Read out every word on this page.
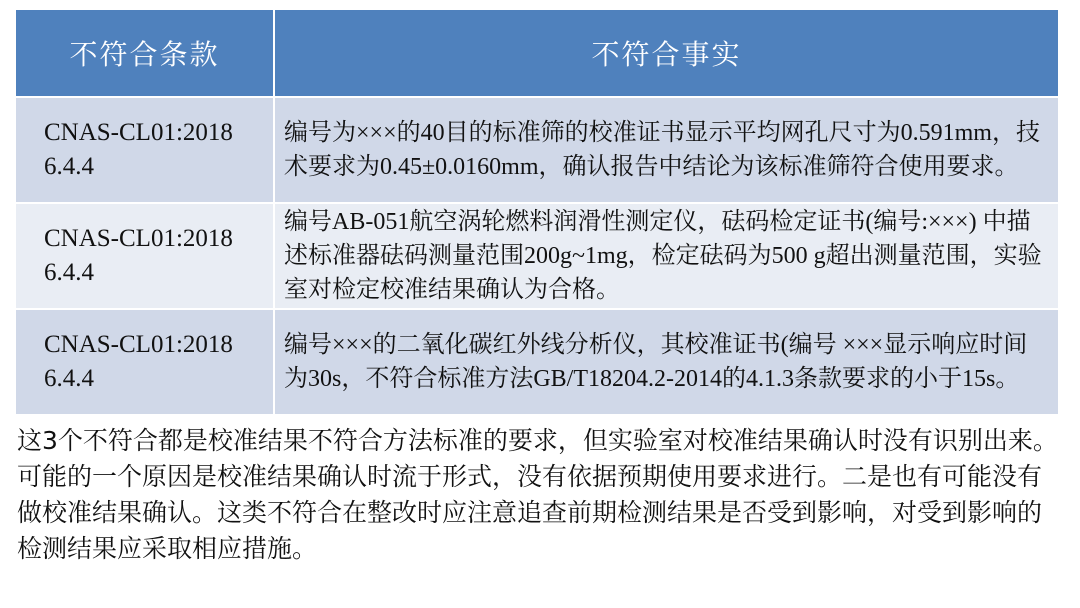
不符合条款	不符合事实
CNAS-CL01:2018 6.4.4	编号为×××的40目的标准筛的校准证书显示平均网孔尺寸为0.591mm，技术要求为0.45±0.0160mm，确认报告中结论为该标准筛符合使用要求。
CNAS-CL01:2018 6.4.4	编号AB-051航空涡轮燃料润滑性测定仪，砝码检定证书(编号:×××) 中描述标准器砝码测量范围200g~1mg，检定砝码为500 g超出测量范围，实验室对检定校准结果确认为合格。
CNAS-CL01:2018 6.4.4	编号×××的二氧化碳红外线分析仪，其校准证书(编号 ×××显示响应时间为30s，不符合标准方法GB/T18204.2-2014的4.1.3条款要求的小于15s。
这3个不符合都是校准结果不符合方法标准的要求，但实验室对校准结果确认时没有识别出来。可能的一个原因是校准结果确认时流于形式，没有依据预期使用要求进行。二是也有可能没有做校准结果确认。这类不符合在整改时应注意追查前期检测结果是否受到影响，对受到影响的检测结果应采取相应措施。
